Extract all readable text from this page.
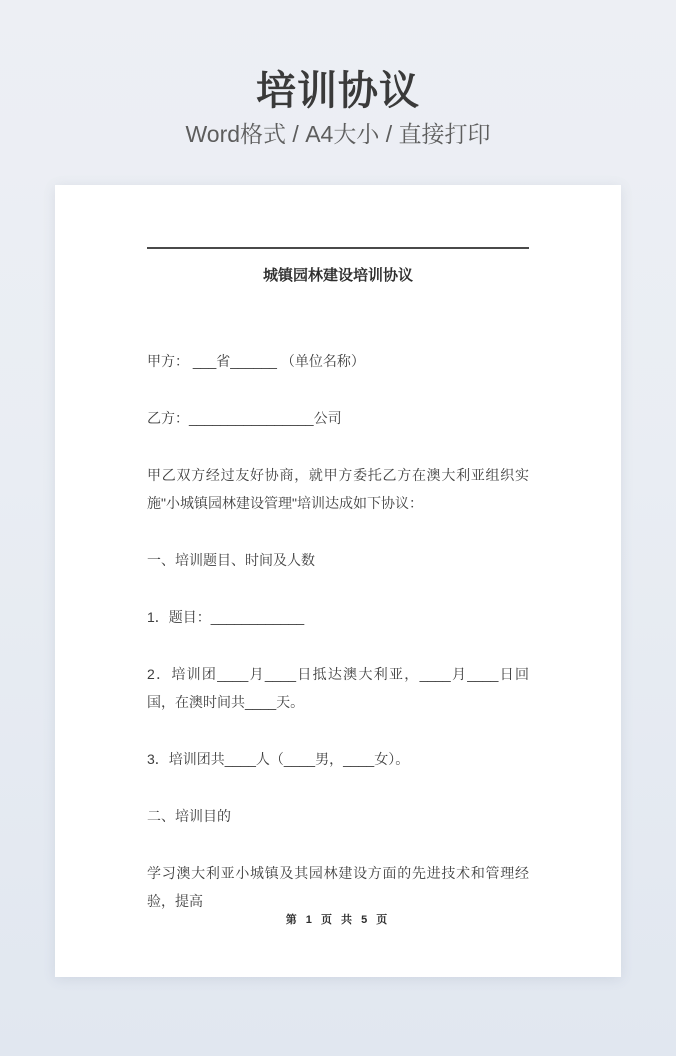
培训协议
Word格式 / A4大小 / 直接打印
城镇园林建设培训协议

甲方： ___省______ （单位名称）

乙方：________________公司

甲乙双方经过友好协商，就甲方委托乙方在澳大利亚组织实施"小城镇园林建设管理"培训达成如下协议：

一、培训题目、时间及人数

1．题目：____________

2．培训团____月____日抵达澳大利亚，____月____日回国，在澳时间共____天。

3．培训团共____人（____男，____女）。

二、培训目的

学习澳大利亚小城镇及其园林建设方面的先进技术和管理经验，提高

第 1 页 共 5 页
